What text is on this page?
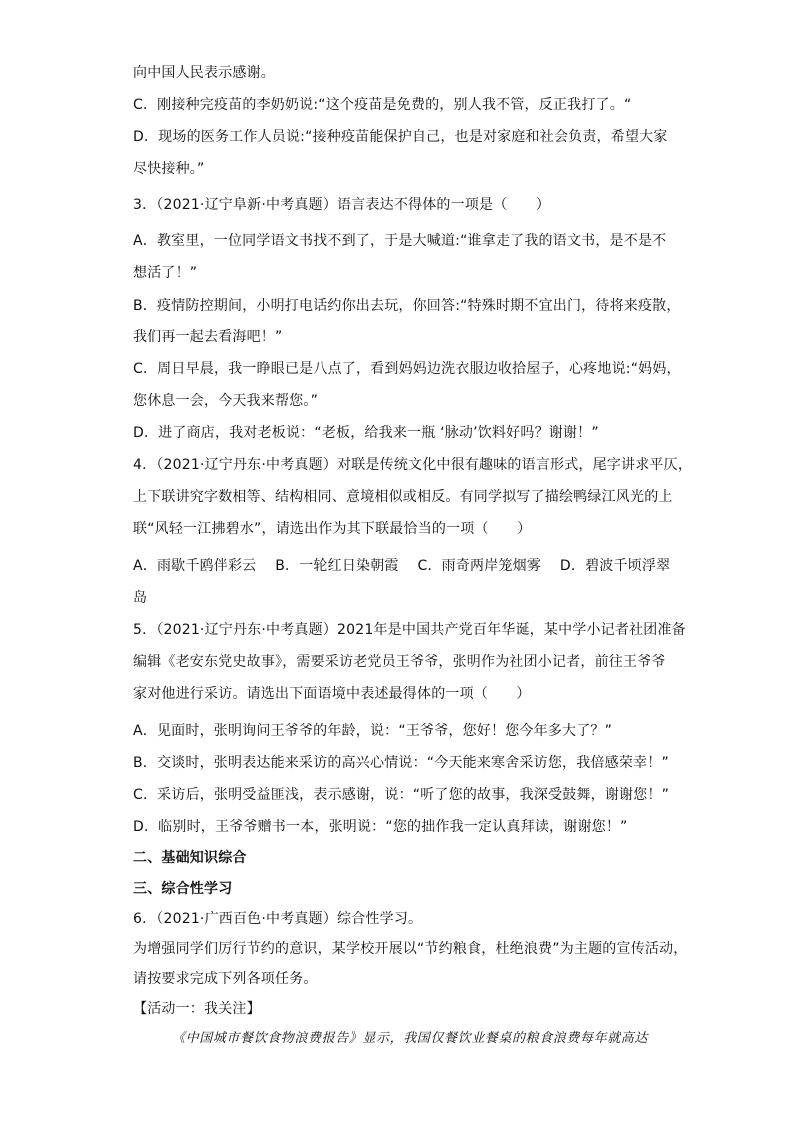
向中国人民表示感谢。
C．刚接种完疫苗的李奶奶说:“这个疫苗是免费的，别人我不管，反正我打了。“
D．现场的医务工作人员说:“接种疫苗能保护自己，也是对家庭和社会负责，希望大家
尽快接种。”
3．（2021·辽宁阜新·中考真题）语言表达不得体的一项是（　　）
A．教室里，一位同学语文书找不到了，于是大喊道:“谁拿走了我的语文书，是不是不
想活了！”
B．疫情防控期间，小明打电话约你出去玩，你回答:“特殊时期不宜出门，待将来疫散，
我们再一起去看海吧！”
C．周日早晨，我一睁眼已是八点了，看到妈妈边洗衣服边收拾屋子，心疼地说:“妈妈，
您休息一会，今天我来帮您。”
D．进了商店，我对老板说：“老板，给我来一瓶 ‘脉动’饮料好吗？谢谢！”
4．（2021·辽宁丹东·中考真题）对联是传统文化中很有趣味的语言形式，尾字讲求平仄，
上下联讲究字数相等、结构相同、意境相似或相反。有同学拟写了描绘鸭绿江风光的上
联“风轻一江拂碧水”，请选出作为其下联最恰当的一项（　　）
A．雨歇千鸥伴彩云　 B．一轮红日染朝霞　 C．雨奇两岸笼烟雾　 D．碧波千顷浮翠
岛
5．（2021·辽宁丹东·中考真题）2021年是中国共产党百年华诞，某中学小记者社团准备
编辑《老安东党史故事》，需要采访老党员王爷爷，张明作为社团小记者，前往王爷爷
家对他进行采访。请选出下面语境中表述最得体的一项（　　）
A．见面时，张明询问王爷爷的年龄，说：“王爷爷，您好！您今年多大了？”
B．交谈时，张明表达能来采访的高兴心情说：“今天能来寒舍采访您，我倍感荣幸！”
C．采访后，张明受益匪浅，表示感谢，说：“听了您的故事，我深受鼓舞，谢谢您！”
D．临别时，王爷爷赠书一本，张明说：“您的拙作我一定认真拜读，谢谢您！”
二、基础知识综合
三、综合性学习
6．（2021·广西百色·中考真题）综合性学习。
为增强同学们厉行节约的意识，某学校开展以“节约粮食，杜绝浪费”为主题的宣传活动，
请按要求完成下列各项任务。
【活动一：我关注】
《中国城市餐饮食物浪费报告》显示，我国仅餐饮业餐桌的粮食浪费每年就高达
